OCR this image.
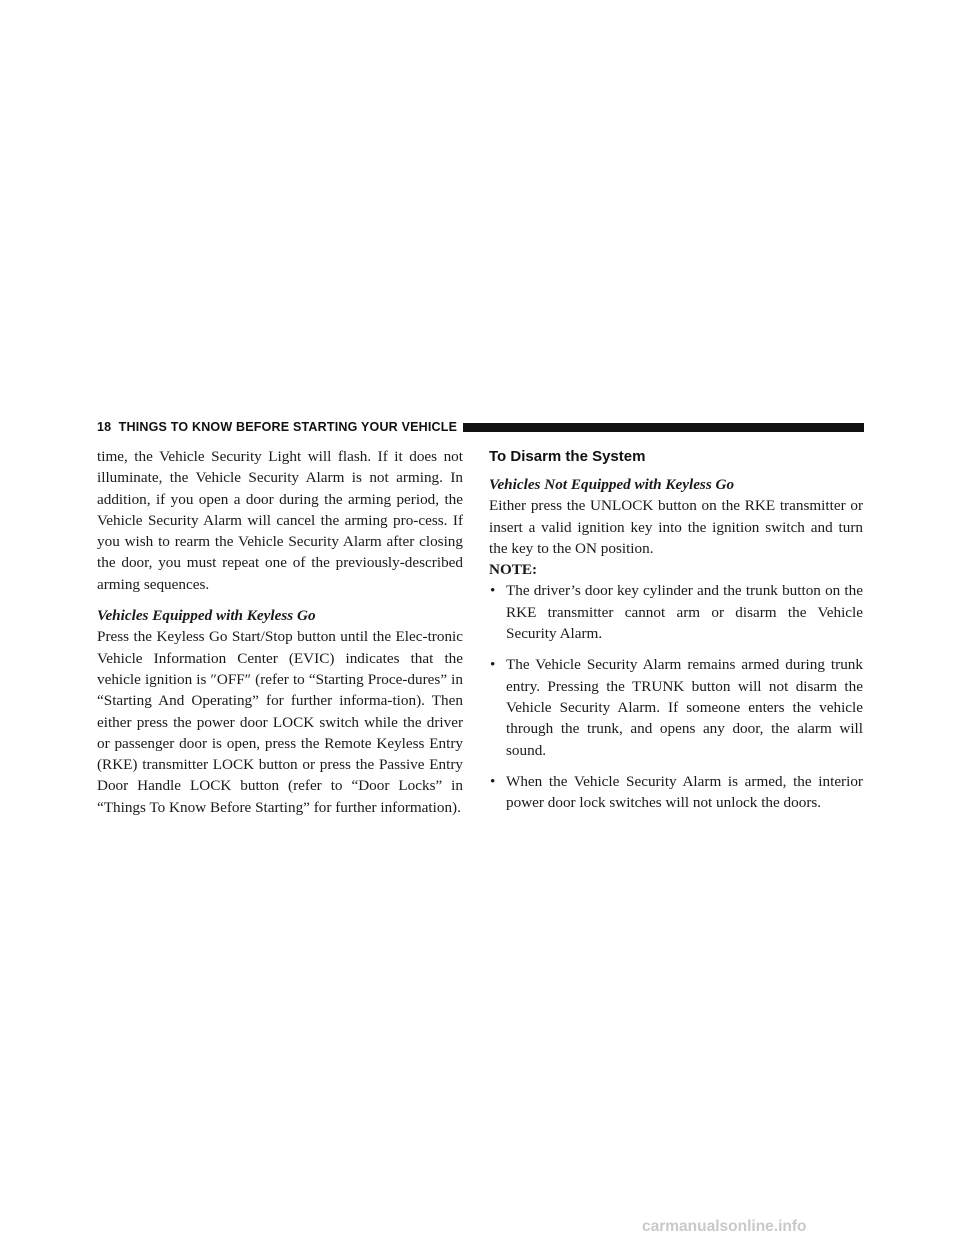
18 THINGS TO KNOW BEFORE STARTING YOUR VEHICLE

time, the Vehicle Security Light will flash. If it does not illuminate, the Vehicle Security Alarm is not arming. In addition, if you open a door during the arming period, the Vehicle Security Alarm will cancel the arming pro-cess. If you wish to rearm the Vehicle Security Alarm after closing the door, you must repeat one of the previously-described arming sequences.

Vehicles Equipped with Keyless Go

Press the Keyless Go Start/Stop button until the Elec-tronic Vehicle Information Center (EVIC) indicates that the vehicle ignition is ″OFF″ (refer to “Starting Proce-dures” in “Starting And Operating” for further informa-tion). Then either press the power door LOCK switch while the driver or passenger door is open, press the Remote Keyless Entry (RKE) transmitter LOCK button or press the Passive Entry Door Handle LOCK button (refer to “Door Locks” in “Things To Know Before Starting” for further information).

To Disarm the System

Vehicles Not Equipped with Keyless Go

Either press the UNLOCK button on the RKE transmitter or insert a valid ignition key into the ignition switch and turn the key to the ON position.

NOTE:

• The driver’s door key cylinder and the trunk button on the RKE transmitter cannot arm or disarm the Vehicle Security Alarm.
• The Vehicle Security Alarm remains armed during trunk entry. Pressing the TRUNK button will not disarm the Vehicle Security Alarm. If someone enters the vehicle through the trunk, and opens any door, the alarm will sound.
• When the Vehicle Security Alarm is armed, the interior power door lock switches will not unlock the doors.
carmanualsonline.info
